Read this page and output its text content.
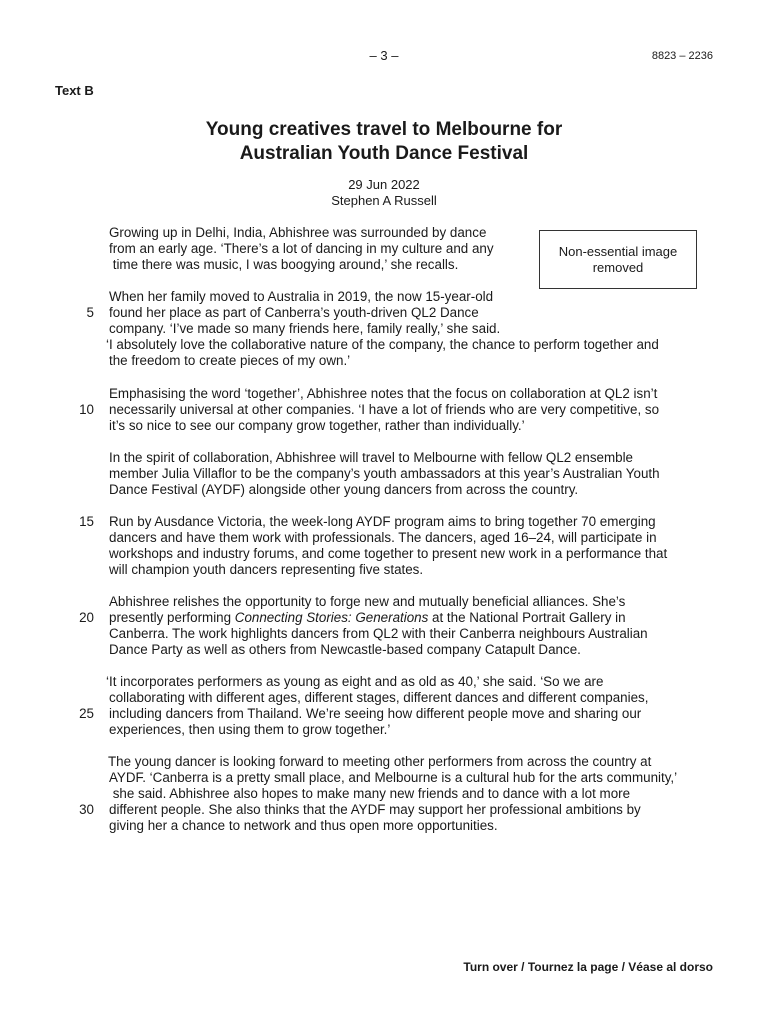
– 3 –	8823 – 2236
Text B
Young creatives travel to Melbourne for
Australian Youth Dance Festival
29 Jun 2022
Stephen A Russell
Non-essential image removed
5
10
15
20
25
30
Growing up in Delhi, India, Abhishree was surrounded by dance
from an early age. ‘There’s a lot of dancing in my culture and any
time there was music, I was boogying around,’ she recalls.
When her family moved to Australia in 2019, the now 15-year-old
found her place as part of Canberra’s youth-driven QL2 Dance
company. ‘I’ve made so many friends here, family really,’ she said.
‘I absolutely love the collaborative nature of the company, the chance to perform together and
the freedom to create pieces of my own.’
Emphasising the word ‘together’, Abhishree notes that the focus on collaboration at QL2 isn’t
necessarily universal at other companies. ‘I have a lot of friends who are very competitive, so
it’s so nice to see our company grow together, rather than individually.’
In the spirit of collaboration, Abhishree will travel to Melbourne with fellow QL2 ensemble
member Julia Villaflor to be the company’s youth ambassadors at this year’s Australian Youth
Dance Festival (AYDF) alongside other young dancers from across the country.
Run by Ausdance Victoria, the week-long AYDF program aims to bring together 70 emerging
dancers and have them work with professionals. The dancers, aged 16–24, will participate in
workshops and industry forums, and come together to present new work in a performance that
will champion youth dancers representing five states.
Abhishree relishes the opportunity to forge new and mutually beneficial alliances. She’s
presently performing Connecting Stories: Generations at the National Portrait Gallery in
Canberra. The work highlights dancers from QL2 with their Canberra neighbours Australian
Dance Party as well as others from Newcastle-based company Catapult Dance.
‘It incorporates performers as young as eight and as old as 40,’ she said. ‘So we are
collaborating with different ages, different stages, different dances and different companies,
including dancers from Thailand. We’re seeing how different people move and sharing our
experiences, then using them to grow together.’
The young dancer is looking forward to meeting other performers from across the country at
AYDF. ‘Canberra is a pretty small place, and Melbourne is a cultural hub for the arts community,’
she said. Abhishree also hopes to make many new friends and to dance with a lot more
different people. She also thinks that the AYDF may support her professional ambitions by
giving her a chance to network and thus open more opportunities.
Turn over / Tournez la page / Véase al dorso
